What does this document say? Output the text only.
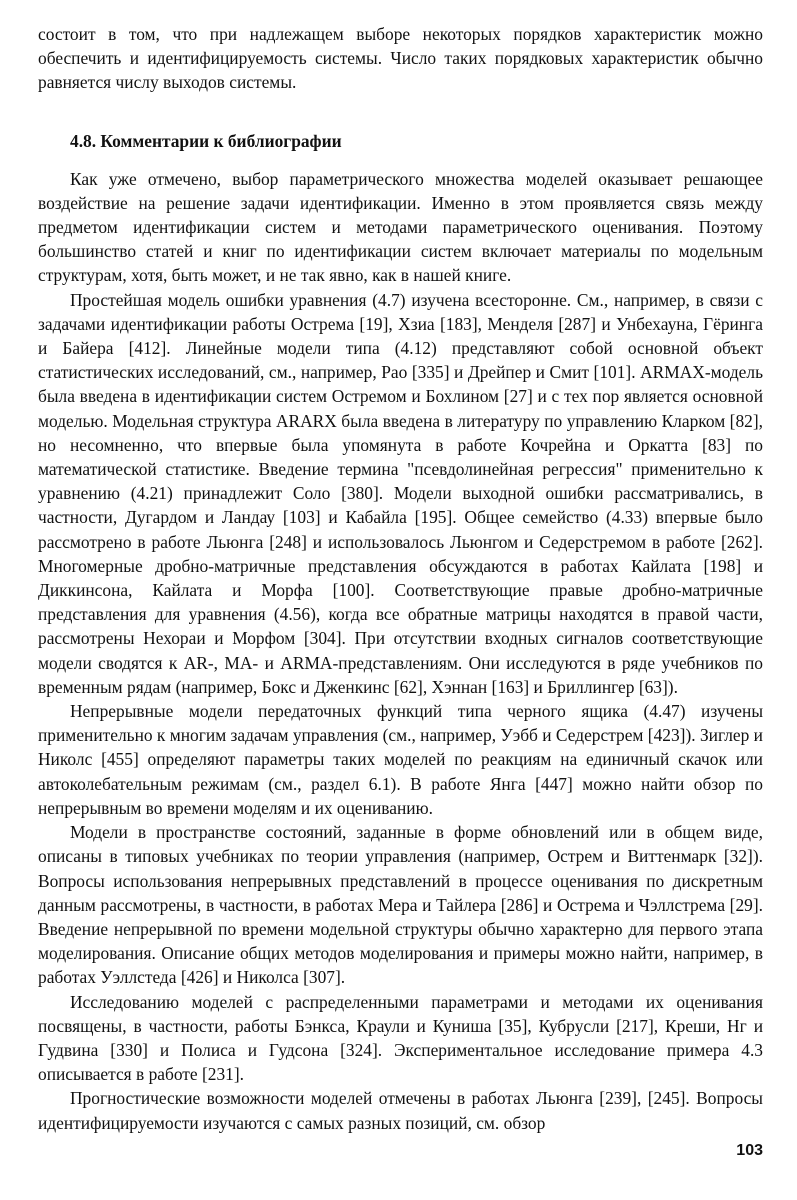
состоит в том, что при надлежащем выборе некоторых порядков характеристик можно обеспечить и идентифицируемость системы. Число таких порядковых характеристик обычно равняется числу выходов системы.

4.8. Комментарии к библиографии

Как уже отмечено, выбор параметрического множества моделей оказывает решающее воздействие на решение задачи идентификации. Именно в этом проявляется связь между предметом идентификации систем и методами параметрического оценивания. Поэтому большинство статей и книг по идентификации систем включает материалы по модельным структурам, хотя, быть может, и не так явно, как в нашей книге.

Простейшая модель ошибки уравнения (4.7) изучена всесторонне. См., например, в связи с задачами идентификации работы Острема [19], Хзиа [183], Менделя [287] и Унбехауна, Гёринга и Байера [412]. Линейные модели типа (4.12) представляют собой основной объект статистических исследований, см., например, Рао [335] и Дрейпер и Смит [101]. ARMAX-модель была введена в идентификации систем Остремом и Бохлином [27] и с тех пор является основной моделью. Модельная структура ARARX была введена в литературу по управлению Кларком [82], но несомненно, что впервые была упомянута в работе Кочрейна и Оркатта [83] по математической статистике. Введение термина "псевдолинейная регрессия" применительно к уравнению (4.21) принадлежит Соло [380]. Модели выходной ошибки рассматривались, в частности, Дугардом и Ландау [103] и Кабайла [195]. Общее семейство (4.33) впервые было рассмотрено в работе Льюнга [248] и использовалось Льюнгом и Седерстремом в работе [262]. Многомерные дробно-матричные представления обсуждаются в работах Кайлата [198] и Диккинсона, Кайлата и Морфа [100]. Соответствующие правые дробно-матричные представления для уравнения (4.56), когда все обратные матрицы находятся в правой части, рассмотрены Нехораи и Морфом [304]. При отсутствии входных сигналов соответствующие модели сводятся к AR-, MA- и ARMA-представлениям. Они исследуются в ряде учебников по временным рядам (например, Бокс и Дженкинс [62], Хэннан [163] и Бриллингер [63]).

Непрерывные модели передаточных функций типа черного ящика (4.47) изучены применительно к многим задачам управления (см., например, Уэбб и Седерстрем [423]). Зиглер и Николс [455] определяют параметры таких моделей по реакциям на единичный скачок или автоколебательным режимам (см., раздел 6.1). В работе Янга [447] можно найти обзор по непрерывным во времени моделям и их оцениванию.

Модели в пространстве состояний, заданные в форме обновлений или в общем виде, описаны в типовых учебниках по теории управления (например, Острем и Виттенмарк [32]). Вопросы использования непрерывных представлений в процессе оценивания по дискретным данным рассмотрены, в частности, в работах Мера и Тайлера [286] и Острема и Чэллстрема [29]. Введение непрерывной по времени модельной структуры обычно характерно для первого этапа моделирования. Описание общих методов моделирования и примеры можно найти, например, в работах Уэллстеда [426] и Николса [307].

Исследованию моделей с распределенными параметрами и методами их оценивания посвящены, в частности, работы Бэнкса, Краули и Куниша [35], Кубрусли [217], Креши, Нг и Гудвина [330] и Полиса и Гудсона [324]. Экспериментальное исследование примера 4.3 описывается в работе [231].

Прогностические возможности моделей отмечены в работах Льюнга [239], [245]. Вопросы идентифицируемости изучаются с самых разных позиций, см. обзор

103
